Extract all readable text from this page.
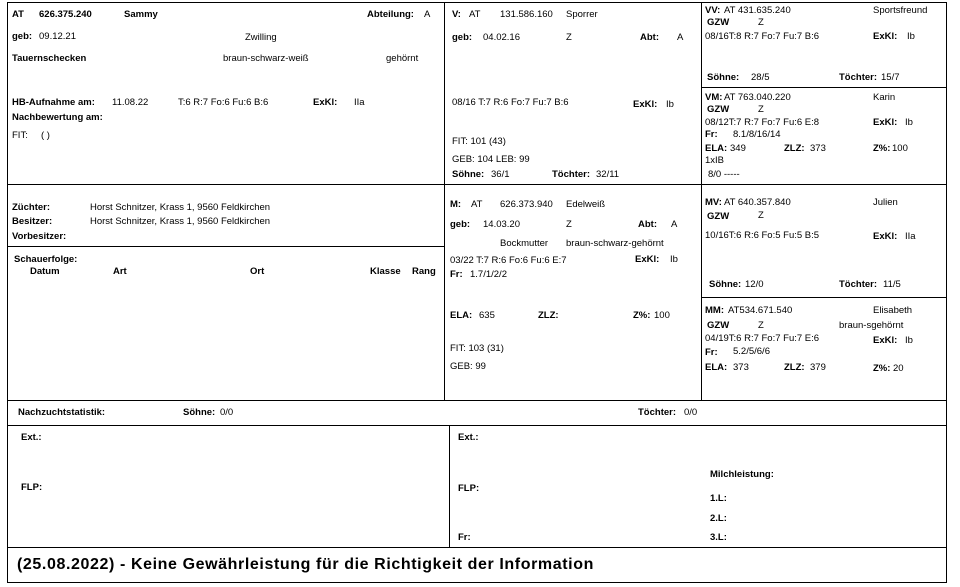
AT 626.375.240	Sammy	Abteilung: A
geb: 09.12.21	Zwilling
Tauernschecken	braun-schwarz-weiß	gehörnt
HB-Aufnahme am: 11.08.22	T:6 R:7 Fo:6 Fu:6 B:6	ExKl: IIa
Nachbewertung am:
FIT: ( )
Züchter:	Horst Schnitzer, Krass 1, 9560 Feldkirchen
Besitzer:	Horst Schnitzer, Krass 1, 9560 Feldkirchen
Vorbesitzer:
Schauerfolge:
Datum	Art	Ort	Klasse Rang
V: AT 131.586.160 Sporrer
geb: 04.02.16	Z	Abt: A
08/16 T:7 R:6 Fo:7 Fu:7 B:6	ExKl: Ib
FIT: 101 (43)
GEB: 104 LEB: 99
Söhne: 36/1	Töchter: 32/11
M: AT 626.373.940 Edelweiß
geb: 14.03.20	Z	Abt: A
Bockmutter braun-schwarz-gehörnt
03/22 T:7 R:6 Fo:6 Fu:6 E:7	ExKl: Ib
Fr: 1.7/1/2/2
ELA: 635	ZLZ:	Z%: 100
FIT: 103 (31)
GEB: 99
VV: AT 431.635.240	Sportsfreund
GZW	Z
08/16T:8 R:7 Fo:7 Fu:7 B:6	ExKl: Ib
Söhne: 28/5	Töchter: 15/7
VM: AT 763.040.220	Karin
GZW	Z
08/12T:7 R:7 Fo:7 Fu:6 E:8	ExKl: Ib
Fr: 8.1/8/16/14
ELA: 349	ZLZ: 373	Z%: 100
1xIB
8/0 -----
MV: AT 640.357.840	Julien
GZW	Z
10/16T:6 R:6 Fo:5 Fu:5 B:5	ExKl: IIa
Söhne: 12/0	Töchter: 11/5
MM: AT534.671.540	Elisabeth
GZW	Z	braun-sgehörnt
04/19T:6 R:7 Fo:7 Fu:7 E:6	ExKl: Ib
Fr: 5.2/5/6/6
ELA: 373	ZLZ: 379	Z%: 20
Nachzuchtstatistik:	Söhne: 0/0	Töchter: 0/0
Ext.:
FLP:
Ext.:
FLP:
Fr:
Milchleistung:
1.L:
2.L:
3.L:
(25.08.2022) - Keine Gewährleistung für die Richtigkeit der Information
